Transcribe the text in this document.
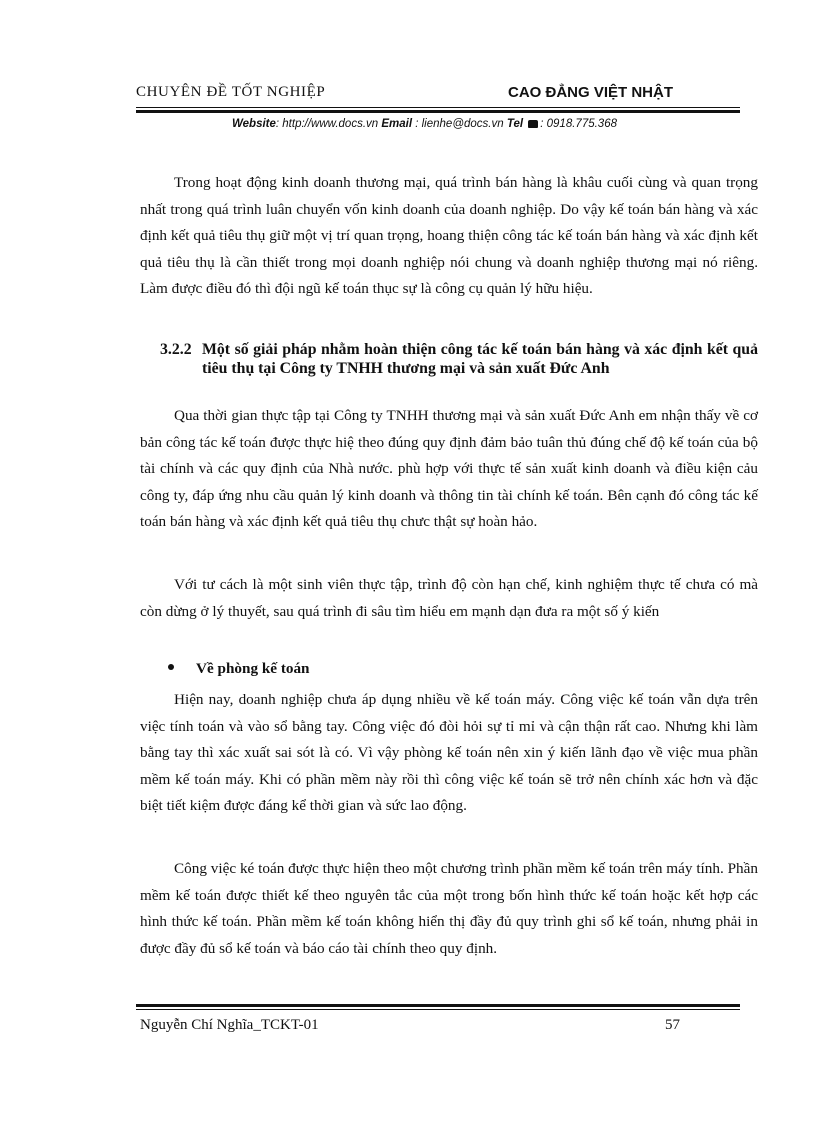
CHUYÊN ĐỀ TỐT NGHIỆP	CAO ĐẲNG VIỆT NHẬT
Website: http://www.docs.vn Email : lienhe@docs.vn Tel : 0918.775.368

Trong hoạt động kinh doanh thương mại, quá trình bán hàng là khâu cuối cùng và quan trọng nhất trong quá trình luân chuyển vốn kinh doanh của doanh nghiệp. Do vậy kế toán bán hàng và xác định kết quả tiêu thụ giữ một vị trí quan trọng, hoang thiện công tác kế toán bán hàng và xác định kết quả tiêu thụ là cần thiết trong mọi doanh nghiệp nói chung và doanh nghiệp thương mại nó riêng. Làm được điều đó thì đội ngũ kế toán thục sự là công cụ quản lý hữu hiệu.

3.2.2 Một số giải pháp nhằm hoàn thiện công tác kế toán bán hàng và xác định kết quả tiêu thụ tại Công ty TNHH thương mại và sản xuất Đức Anh

Qua thời gian thực tập tại Công ty TNHH thương mại và sản xuất Đức Anh em nhận thấy về cơ bản công tác kế toán được thực hiệ theo đúng quy định đảm bảo tuân thủ đúng chế độ kế toán của bộ tài chính và các quy định của Nhà nước. phù hợp với thực tế sản xuất kinh doanh và điều kiện cảu công ty, đáp ứng nhu cầu quản lý kinh doanh và thông tin tài chính kế toán. Bên cạnh đó công tác kế toán bán hàng và xác định kết quả tiêu thụ chưc thật sự hoàn hảo.

Với tư cách là một sinh viên thực tập, trình độ còn hạn chế, kinh nghiệm thực tế chưa có mà còn dừng ở lý thuyết, sau quá trình đi sâu tìm hiểu em mạnh dạn đưa ra một số ý kiến

Về phòng kế toán

Hiện nay, doanh nghiệp chưa áp dụng nhiều về kế toán máy. Công việc kế toán vẫn dựa trên việc tính toán và vào sổ bằng tay. Công việc đó đòi hỏi sự tỉ mỉ và cận thận rất cao. Nhưng khi làm bằng tay thì xác xuất sai sót là có. Vì vậy phòng kế toán nên xin ý kiến lãnh đạo về việc mua phần mềm kế toán máy. Khi có phần mềm này rồi thì công việc kế toán sẽ trở nên chính xác hơn và đặc biệt tiết kiệm được đáng kể thời gian và sức lao động.

Công việc ké toán được thực hiện theo một chương trình phần mềm kế toán trên máy tính. Phần mềm kế toán được thiết kế theo nguyên tắc của một trong bốn hình thức kế toán hoặc kết hợp các hình thức kế toán. Phần mềm kế toán không hiển thị đầy đủ quy trình ghi sổ kế toán, nhưng phải in được đầy đủ sổ kế toán và báo cáo tài chính theo quy định.

Nguyễn Chí Nghĩa_TCKT-01	57
